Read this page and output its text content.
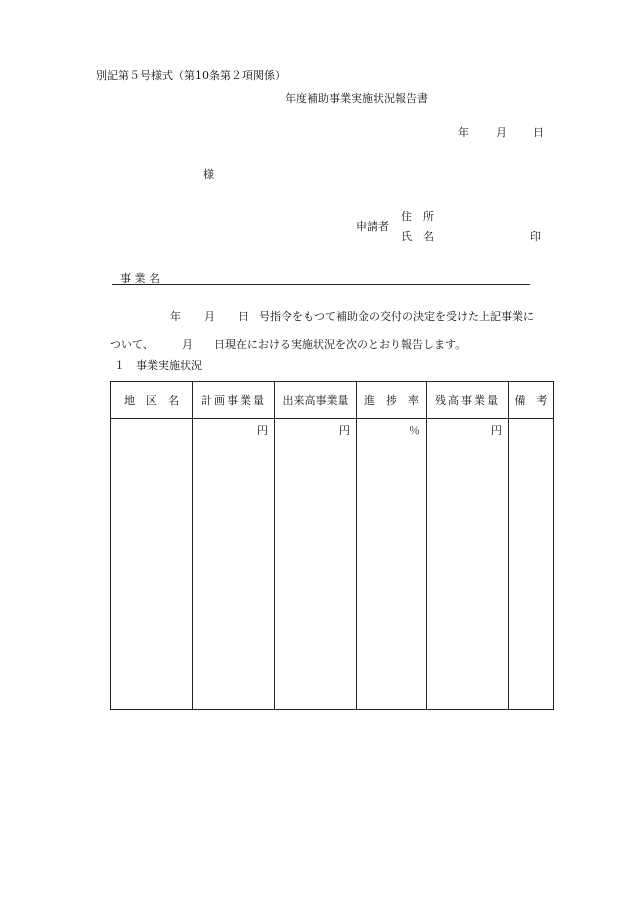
別記第５号様式（第10条第２項関係）
年度補助事業実施状況報告書
年 月 日
様
申請者
住　所
氏　名	印
事 業 名
年 月 日 号指令をもつて補助金の交付の決定を受けた上記事業に
ついて、	月 日現在における実施状況を次のとおり報告します。
１　事業実施状況
地　区　名	計画事業量	出来高事業量	進　捗　率	残高事業量	備　考
	円	円	％	円	
